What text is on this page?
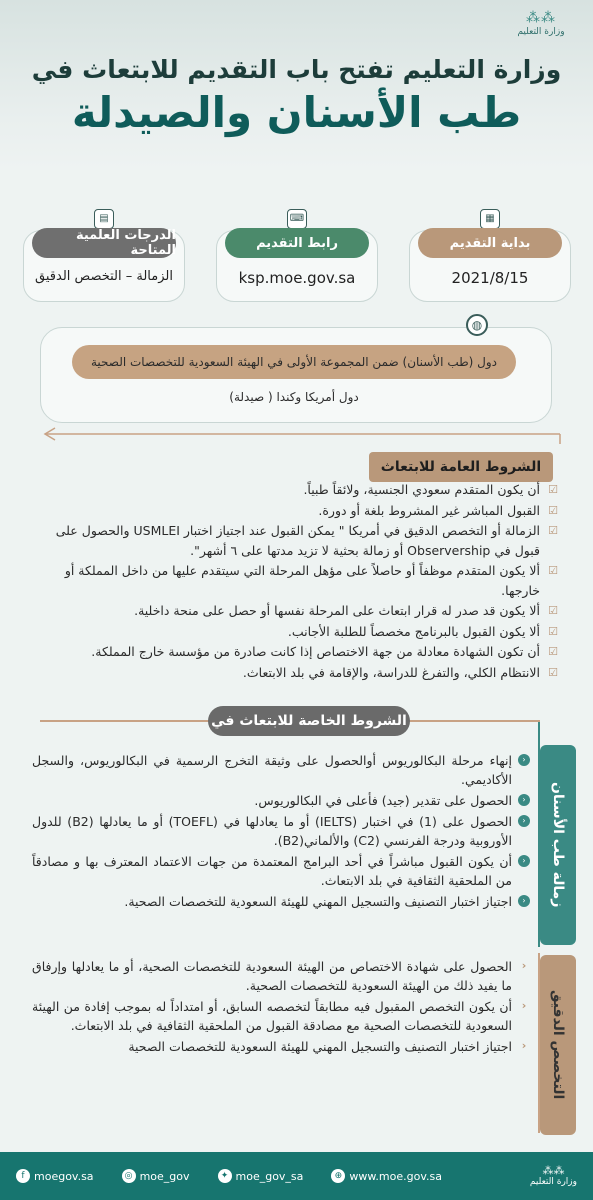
⁂⁂
وزارة التعليم
وزارة التعليم تفتح باب التقديم للابتعاث في
طب الأسنان والصيدلة
▦
بداية التقديم
2021/8/15
⌨
رابط التقديم
ksp.moe.gov.sa
▤
الدرجات العلمية المتاحة
الزمالة – التخصص الدقيق
◍
دول (طب الأسنان) ضمن المجموعة الأولى في الهيئة السعودية للتخصصات الصحية
دول أمريكا وكندا ( صيدلة)
الشروط العامة للابتعاث
☑
أن يكون المتقدم سعودي الجنسية، ولائقاً طبياً.
☑
القبول المباشر غير المشروط بلغة أو دورة.
☑
الزمالة أو التخصص الدقيق في أمريكا " يمكن القبول عند اجتياز اختبار USMLEI والحصول على قبول في Observership أو زمالة بحثية لا تزيد مدتها على ٦ أشهر".
☑
ألا يكون المتقدم موظفاً أو حاصلاً على مؤهل المرحلة التي سيتقدم عليها من داخل المملكة أو خارجها.
☑
ألا يكون قد صدر له قرار ابتعاث على المرحلة نفسها أو حصل على منحة داخلية.
☑
ألا يكون القبول بالبرنامج مخصصاً للطلبة الأجانب.
☑
أن تكون الشهادة معادلة من جهة الاختصاص إذا كانت صادرة من مؤسسة خارج المملكة.
☑
الانتظام الكلي، والتفرغ للدراسة، والإقامة في بلد الابتعاث.
الشروط الخاصة للابتعاث في
زمالة طب الأسنان
التخصص الدقيق
‹
إنهاء مرحلة البكالوريوس أوالحصول على وثيقة التخرج الرسمية في البكالوريوس، والسجل الأكاديمي.
‹
الحصول على تقدير (جيد) فأعلى في البكالوريوس.
‹
الحصول على (1) في اختبار (IELTS) أو ما يعادلها في (TOEFL) أو ما يعادلها (B2) للدول الأوروبية ودرجة الفرنسي (C2) والألماني(B2).
‹
أن يكون القبول مباشراً في أحد البرامج المعتمدة من جهات الاعتماد المعترف بها و مصادقاً من الملحقية الثقافية في بلد الابتعاث.
‹
اجتياز اختبار التصنيف والتسجيل المهني للهيئة السعودية للتخصصات الصحية.
‹
الحصول على شهادة الاختصاص من الهيئة السعودية للتخصصات الصحية، أو ما يعادلها وإرفاق ما يفيد ذلك من الهيئة السعودية للتخصصات الصحية.
‹
أن يكون التخصص المقبول فيه مطابقاً لتخصصه السابق، أو امتداداً له بموجب إفادة من الهيئة السعودية للتخصصات الصحية مع مصادقة القبول من الملحقية الثقافية في بلد الابتعاث.
‹
اجتياز اختبار التصنيف والتسجيل المهني للهيئة السعودية للتخصصات الصحية
f moegov.sa	◎ moe_gov	✦ moe_gov_sa	⊕ www.moe.gov.sa	⁂⁂
وزارة التعليم
